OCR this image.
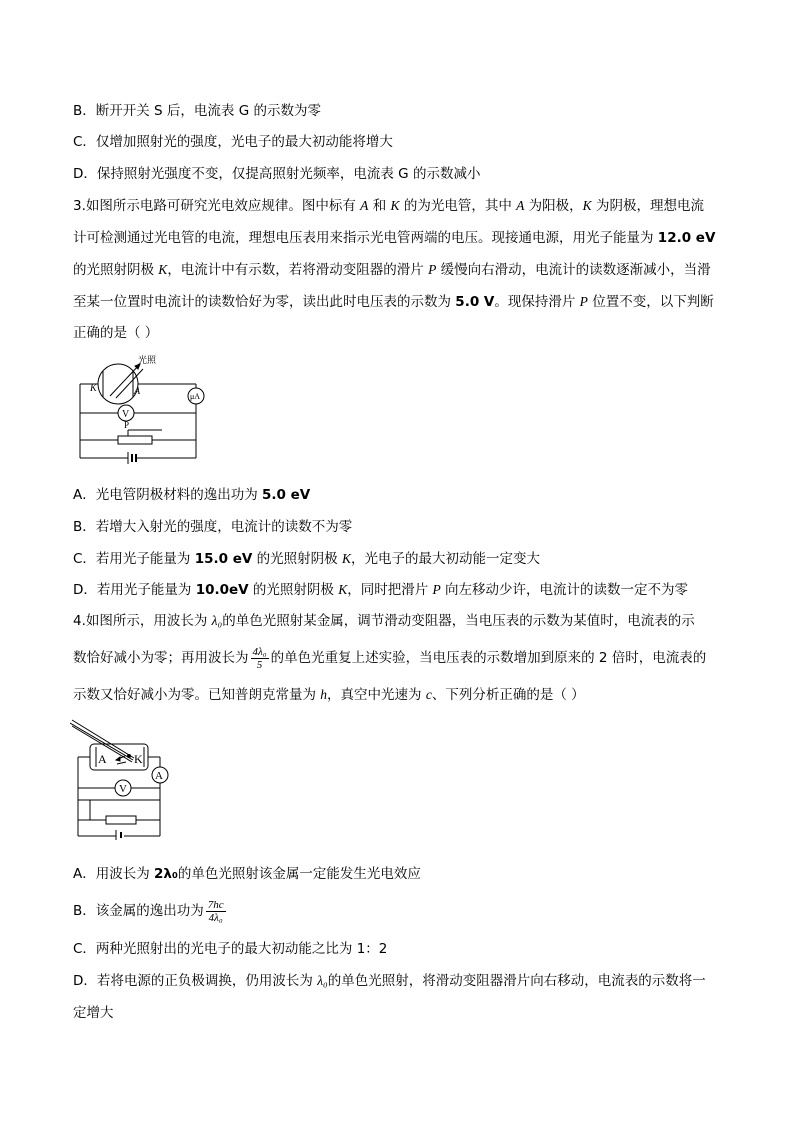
B．断开开关 S 后，电流表 G 的示数为零
C．仅增加照射光的强度，光电子的最大初动能将增大
D．保持照射光强度不变，仅提高照射光频率，电流表 G 的示数减小
3.如图所示电路可研究光电效应规律。图中标有 A 和 K 的为光电管，其中 A 为阳极，K 为阴极，理想电流
计可检测通过光电管的电流，理想电压表用来指示光电管两端的电压。现接通电源，用光子能量为 12.0 eV
的光照射阴极 K，电流计中有示数，若将滑动变阻器的滑片 P 缓慢向右滑动，电流计的读数逐渐减小，当滑
至某一位置时电流计的读数恰好为零，读出此时电压表的示数为 5.0 V。现保持滑片 P 位置不变，以下判断
正确的是（ ）
光照
K	A	μA
V
P
A．光电管阴极材料的逸出功为 5.0 eV
B．若增大入射光的强度，电流计的读数不为零
C．若用光子能量为 15.0 eV 的光照射阴极 K，光电子的最大初动能一定变大
D．若用光子能量为 10.0eV 的光照射阴极 K，同时把滑片 P 向左移动少许，电流计的读数一定不为零
4.如图所示，用波长为 λ₀的单色光照射某金属，调节滑动变阻器，当电压表的示数为某值时，电流表的示
数恰好减小为零；再用波长为 $\frac{\text{4λ₀}}{5}$ 的单色光重复上述实验，当电压表的示数增加到原来的 2 倍时，电流表的
示数又恰好减小为零。已知普朗克常量为 h，真空中光速为 c、下列分析正确的是（ ）
A K
A
V
A．用波长为 2λ₀的单色光照射该金属一定能发生光电效应
B．该金属的逸出功为 $\frac{7hc}{\text{4λ₀}}$
C．两种光照射出的光电子的最大初动能之比为 1：2
D．若将电源的正负极调换，仍用波长为 λ₀的单色光照射，将滑动变阻器滑片向右移动，电流表的示数将一
定增大
